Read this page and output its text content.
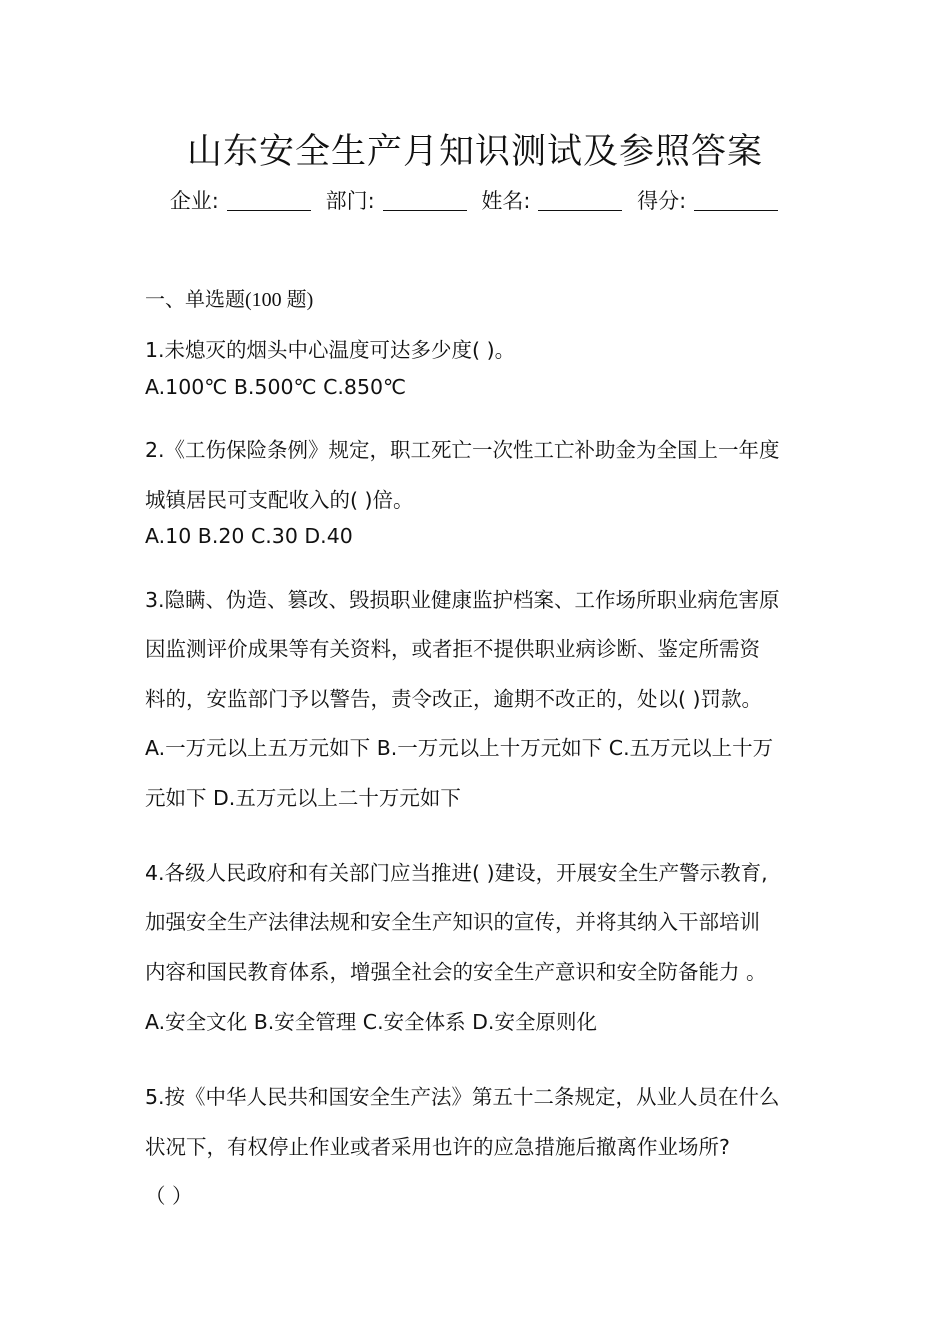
山东安全生产月知识测试及参照答案
企业:	部门:	姓名:	得分:
一、单选题(100 题)
1.未熄灭的烟头中心温度可达多少度( )。
A.100℃ B.500℃ C.850℃
2.《工伤保险条例》规定，职工死亡一次性工亡补助金为全国上一年度
城镇居民可支配收入的( )倍。
A.10 B.20 C.30 D.40
3.隐瞒、伪造、篡改、毁损职业健康监护档案、工作场所职业病危害原
因监测评价成果等有关资料，或者拒不提供职业病诊断、鉴定所需资
料的，安监部门予以警告，责令改正，逾期不改正的，处以( )罚款。
A.一万元以上五万元如下 B.一万元以上十万元如下 C.五万元以上十万
元如下 D.五万元以上二十万元如下
4.各级人民政府和有关部门应当推进( )建设，开展安全生产警示教育,
加强安全生产法律法规和安全生产知识的宣传，并将其纳入干部培训
内容和国民教育体系，增强全社会的安全生产意识和安全防备能力 。
A.安全文化 B.安全管理 C.安全体系 D.安全原则化
5.按《中华人民共和国安全生产法》第五十二条规定，从业人员在什么
状况下，有权停止作业或者采用也许的应急措施后撤离作业场所?
（ ）
